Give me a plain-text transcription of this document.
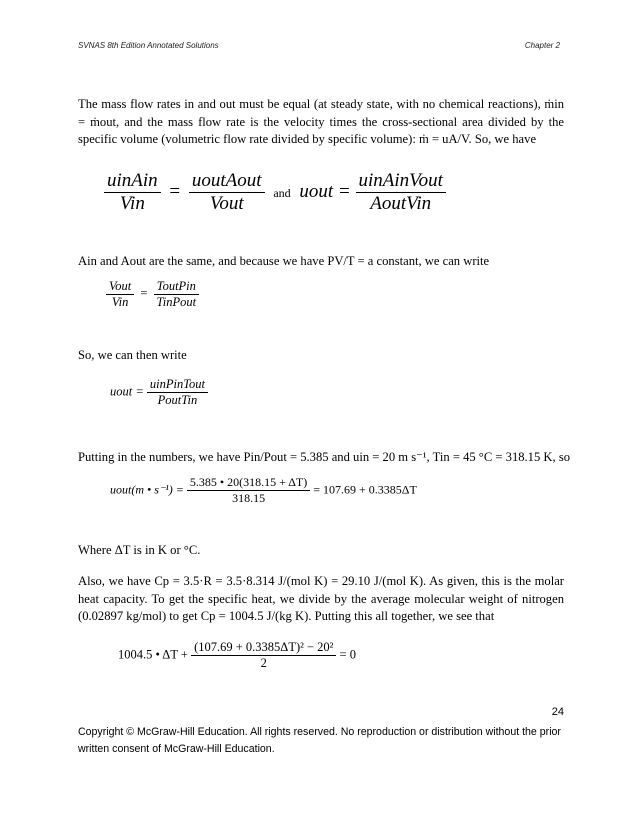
SVNAS 8th Edition Annotated Solutions	Chapter 2
The mass flow rates in and out must be equal (at steady state, with no chemical reactions), ṁin = ṁout, and the mass flow rate is the velocity times the cross-sectional area divided by the specific volume (volumetric flow rate divided by specific volume): ṁ = uA/V. So, we have
$\frac{\text{uinAin}}{\text{Vin}} = \frac{\text{uoutAout}}{\text{Vout}}$ and uout = $\frac{\text{uinAinVout}}{\text{AoutVin}}$
Ain and Aout are the same, and because we have PV/T = a constant, we can write
$\frac{\text{Vout}}{\text{Vin}} = \frac{\text{ToutPin}}{\text{TinPout}}$
So, we can then write
uout = $\frac{\text{uinPinTout}}{\text{PoutTin}}$
Putting in the numbers, we have Pin/Pout = 5.385 and uin = 20 m s⁻¹, Tin = 45 °C = 318.15 K, so
uout(m • $s^{-1}) = \frac{5.385 • 20(318.15 + \Delta T)}{318.15} = 107.69 + 0.3385\Delta T$
Where ΔT is in K or °C.
Also, we have Cp = 3.5·R = 3.5·8.314 J/(mol K) = 29.10 J/(mol K). As given, this is the molar heat capacity. To get the specific heat, we divide by the average molecular weight of nitrogen (0.02897 kg/mol) to get Cp = 1004.5 J/(kg K). Putting this all together, we see that
1004.5 • $\Delta T + \frac{\text{(107.69 + 0.3385ΔT)² − 20²}}{2} = 0$
24
Copyright © McGraw-Hill Education. All rights reserved. No reproduction or distribution without the prior written consent of McGraw-Hill Education.
